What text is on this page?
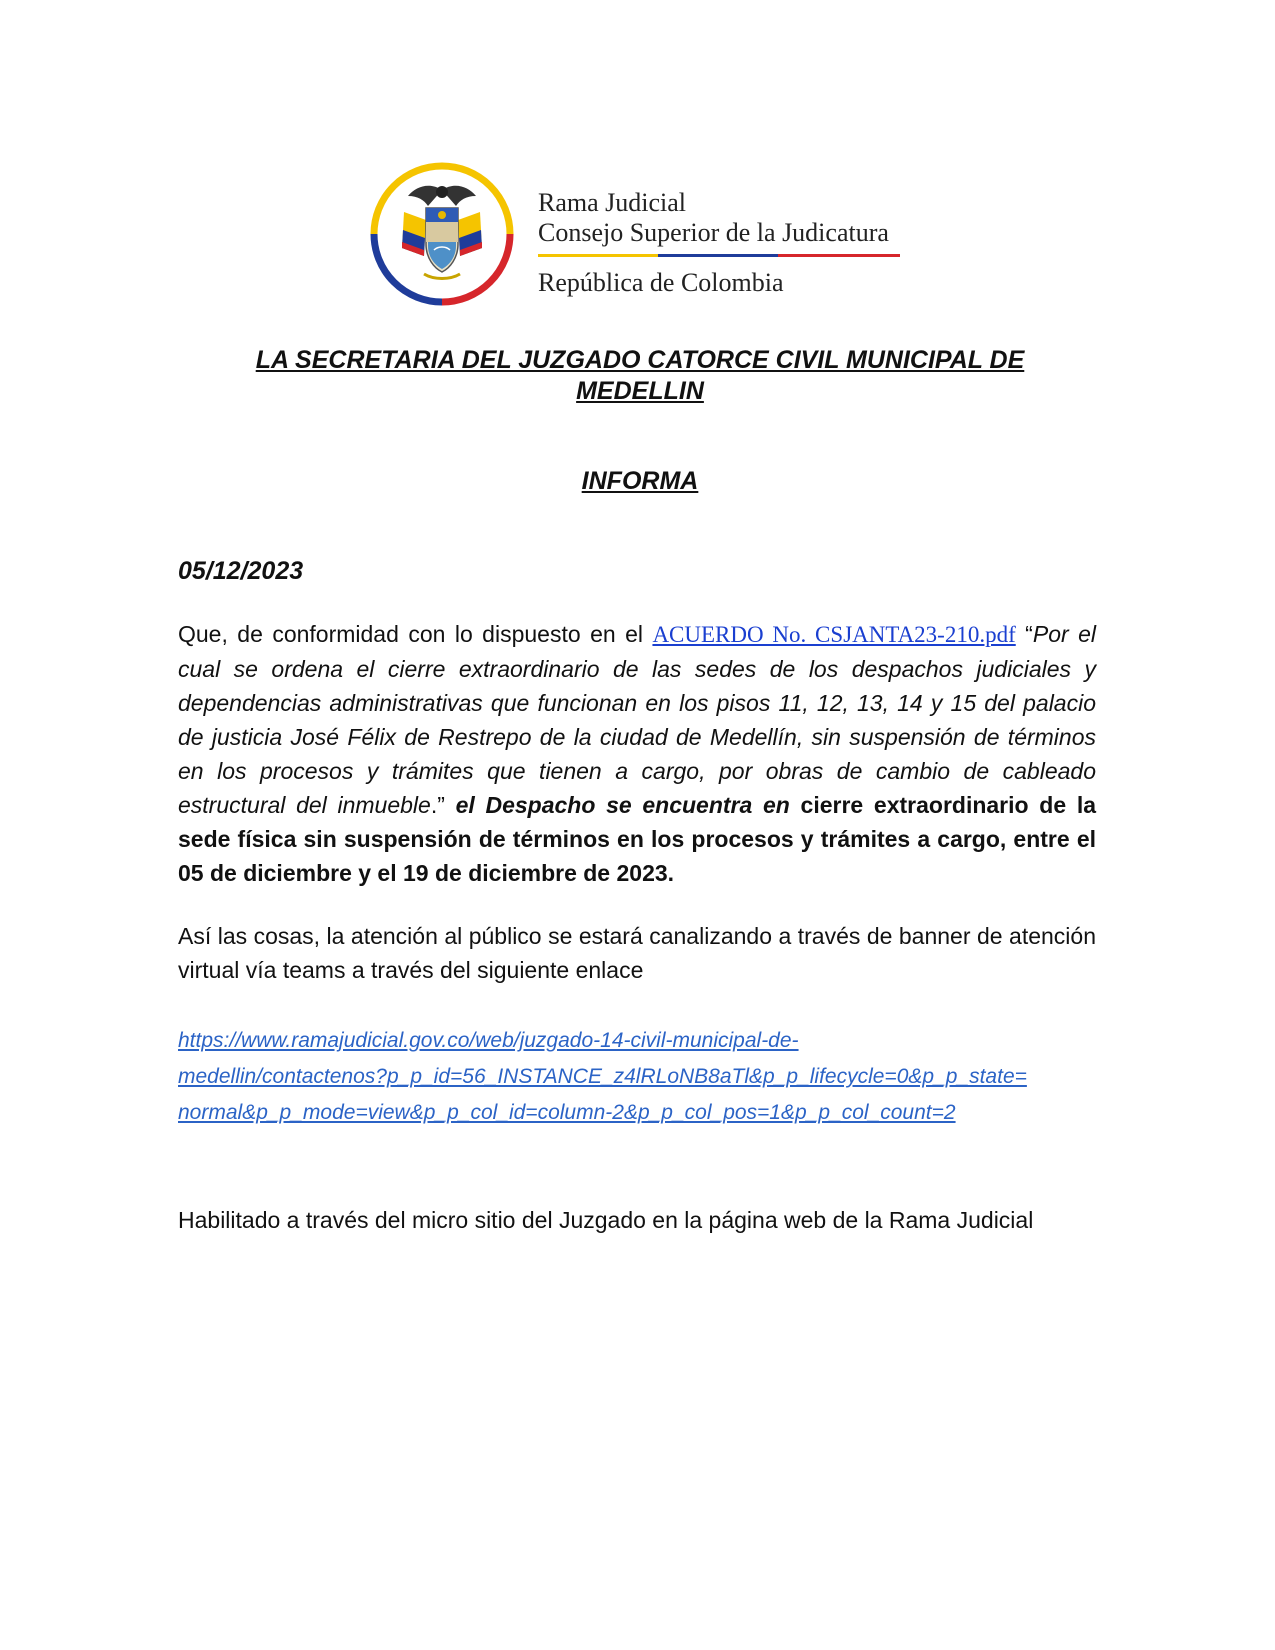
Rama Judicial
Consejo Superior de la Judicatura
República de Colombia
LA SECRETARIA DEL JUZGADO CATORCE CIVIL MUNICIPAL DE
MEDELLIN
INFORMA
05/12/2023
Que, de conformidad con lo dispuesto en el ACUERDO No. CSJANTA23-210.pdf “Por el cual se ordena el cierre extraordinario de las sedes de los despachos judiciales y dependencias administrativas que funcionan en los pisos 11, 12, 13, 14 y 15 del palacio de justicia José Félix de Restrepo de la ciudad de Medellín, sin suspensión de términos en los procesos y trámites que tienen a cargo, por obras de cambio de cableado estructural del inmueble.” el Despacho se encuentra en cierre extraordinario de la sede física sin suspensión de términos en los procesos y trámites a cargo, entre el 05 de diciembre y el 19 de diciembre de 2023.
Así las cosas, la atención al público se estará canalizando a través de banner de atención virtual vía teams a través del siguiente enlace
https://www.ramajudicial.gov.co/web/juzgado-14-civil-municipal-de-
medellin/contactenos?p_p_id=56_INSTANCE_z4lRLoNB8aTl&p_p_lifecycle=0&p_p_state=
normal&p_p_mode=view&p_p_col_id=column-2&p_p_col_pos=1&p_p_col_count=2
Habilitado a través del micro sitio del Juzgado en la página web de la Rama Judicial
